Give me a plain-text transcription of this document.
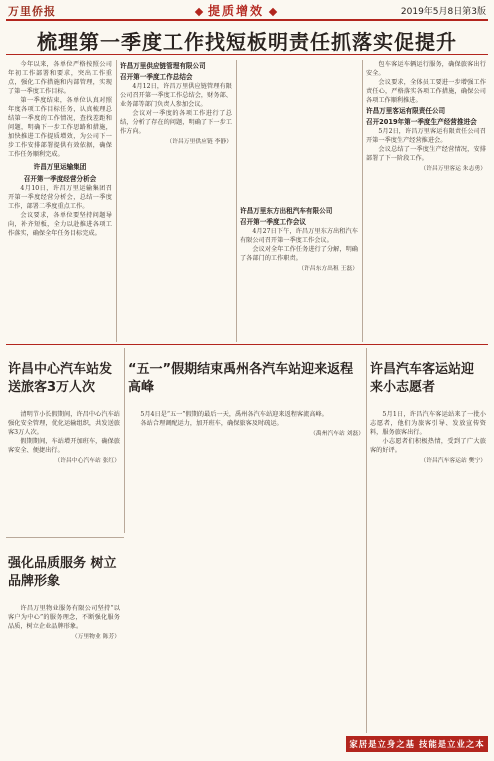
万里侨报	提质增效	2019年5月8日第3版
梳理第一季度工作找短板明责任抓落实促提升

今年以来，各单位严格按照公司年初工作部署和要求，突出工作重点，强化工作措施和内部管理，实现了第一季度工作目标。

第一季度结束，各单位认真对照年度各项工作目标任务，认真梳理总结第一季度的工作情况，查找差距和问题，明确下一步工作思路和措施，加快推进工作提质增效，为公司下一步工作安排部署提供有效依据，确保工作任务顺利完成。

许昌万里运输集团

召开第一季度经营分析会

4月10日，许昌万里运输集团召开第一季度经营分析会，总结一季度工作，部署二季度重点工作。

会议要求，各单位要坚持问题导向，补齐短板，全力以赴推进各项工作落实，确保全年任务目标完成。

许昌万里供应链管理有限公司

召开第一季度工作总结会

4月12日，许昌万里供应链管理有限公司召开第一季度工作总结会，财务部、业务部等部门负责人参加会议。

会议对一季度的各项工作进行了总结，分析了存在的问题，明确了下一步工作方向。

（许昌万里供应链 李静）

许昌万里东方出租汽车有限公司

召开第一季度工作会议

4月27日下午，许昌万里东方出租汽车有限公司召开第一季度工作会议。

会议对全年工作任务进行了分解，明确了各部门的工作职责。

（许昌东方出租 王磊）

包车客运车辆运行服务，确保旅客出行安全。

会议要求，全体员工要进一步增强工作责任心，严格落实各项工作措施，确保公司各项工作顺利推进。

许昌万里客运有限责任公司

召开2019年第一季度生产经营推进会

5月2日，许昌万里客运有限责任公司召开第一季度生产经营推进会。

会议总结了一季度生产经营情况，安排部署了下一阶段工作。

（许昌万里客运 朱志勇）

许昌中心汽车站发送旅客3万人次

清明节小长假期间，许昌中心汽车站强化安全管理，优化运输组织，共发送旅客3万人次。

假期期间，车站增开加班车，确保旅客安全、便捷出行。

（许昌中心汽车站 张红）

“五一”假期结束禹州各汽车站迎来返程高峰

5月4日是“五一”假期的最后一天，禹州各汽车站迎来返程客流高峰。

各站合理调配运力，加开班车，确保旅客及时疏运。

（禹州汽车站 刘磊）

许昌汽车客运站迎来小志愿者

5月1日，许昌汽车客运站来了一批小志愿者，他们为旅客引导、发放宣传资料，服务旅客出行。

小志愿者们积极热情，受到了广大旅客的好评。

（许昌汽车客运站 樊宁）

强化品质服务 树立品牌形象

许昌万里物业服务有限公司坚持“以客户为中心”的服务理念，不断强化服务品质，树立企业品牌形象。

（万里物业 陈芳）

家居是立身之基 技能是立业之本
